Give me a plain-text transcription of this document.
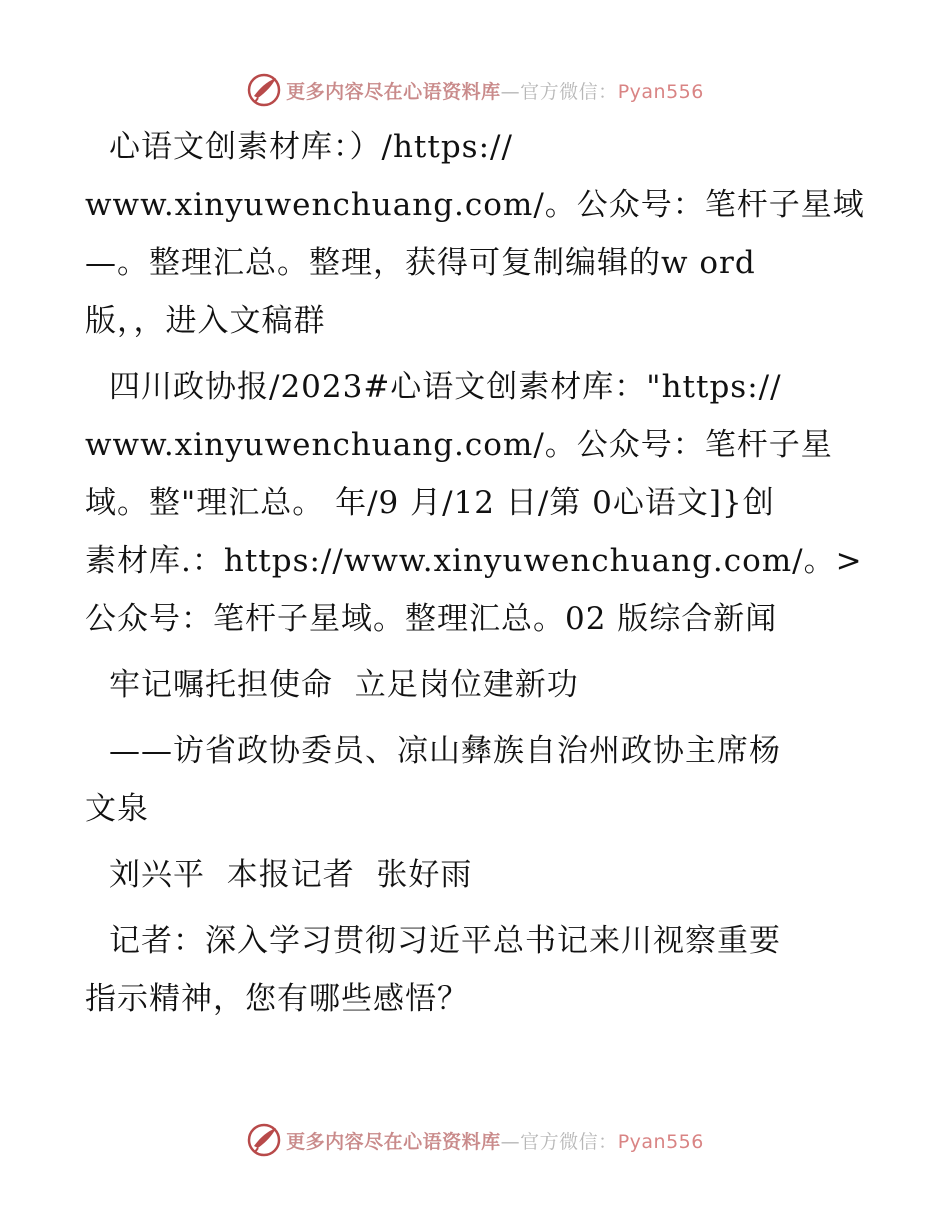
更多内容尽在心语资料库—官方微信：Pyan556

心语文创素材库：）/https://
www.xinyuwenchuang.com/。公众号：笔杆子星域
—。整理汇总。整理，获得可复制编辑的w ord
版，，进入文稿群

四川政协报/2023#心语文创素材库："https://
www.xinyuwenchuang.com/。公众号：笔杆子星
域。整"理汇总。 年/9 月/12 日/第 0心语文]}创
素材库.：https://www.xinyuwenchuang.com/。>
公众号：笔杆子星域。整理汇总。02 版综合新闻

牢记嘱托担使命  立足岗位建新功

——访省政协委员、凉山彝族自治州政协主席杨
文泉

刘兴平  本报记者  张好雨

记者：深入学习贯彻习近平总书记来川视察重要
指示精神，您有哪些感悟？

更多内容尽在心语资料库—官方微信：Pyan556
